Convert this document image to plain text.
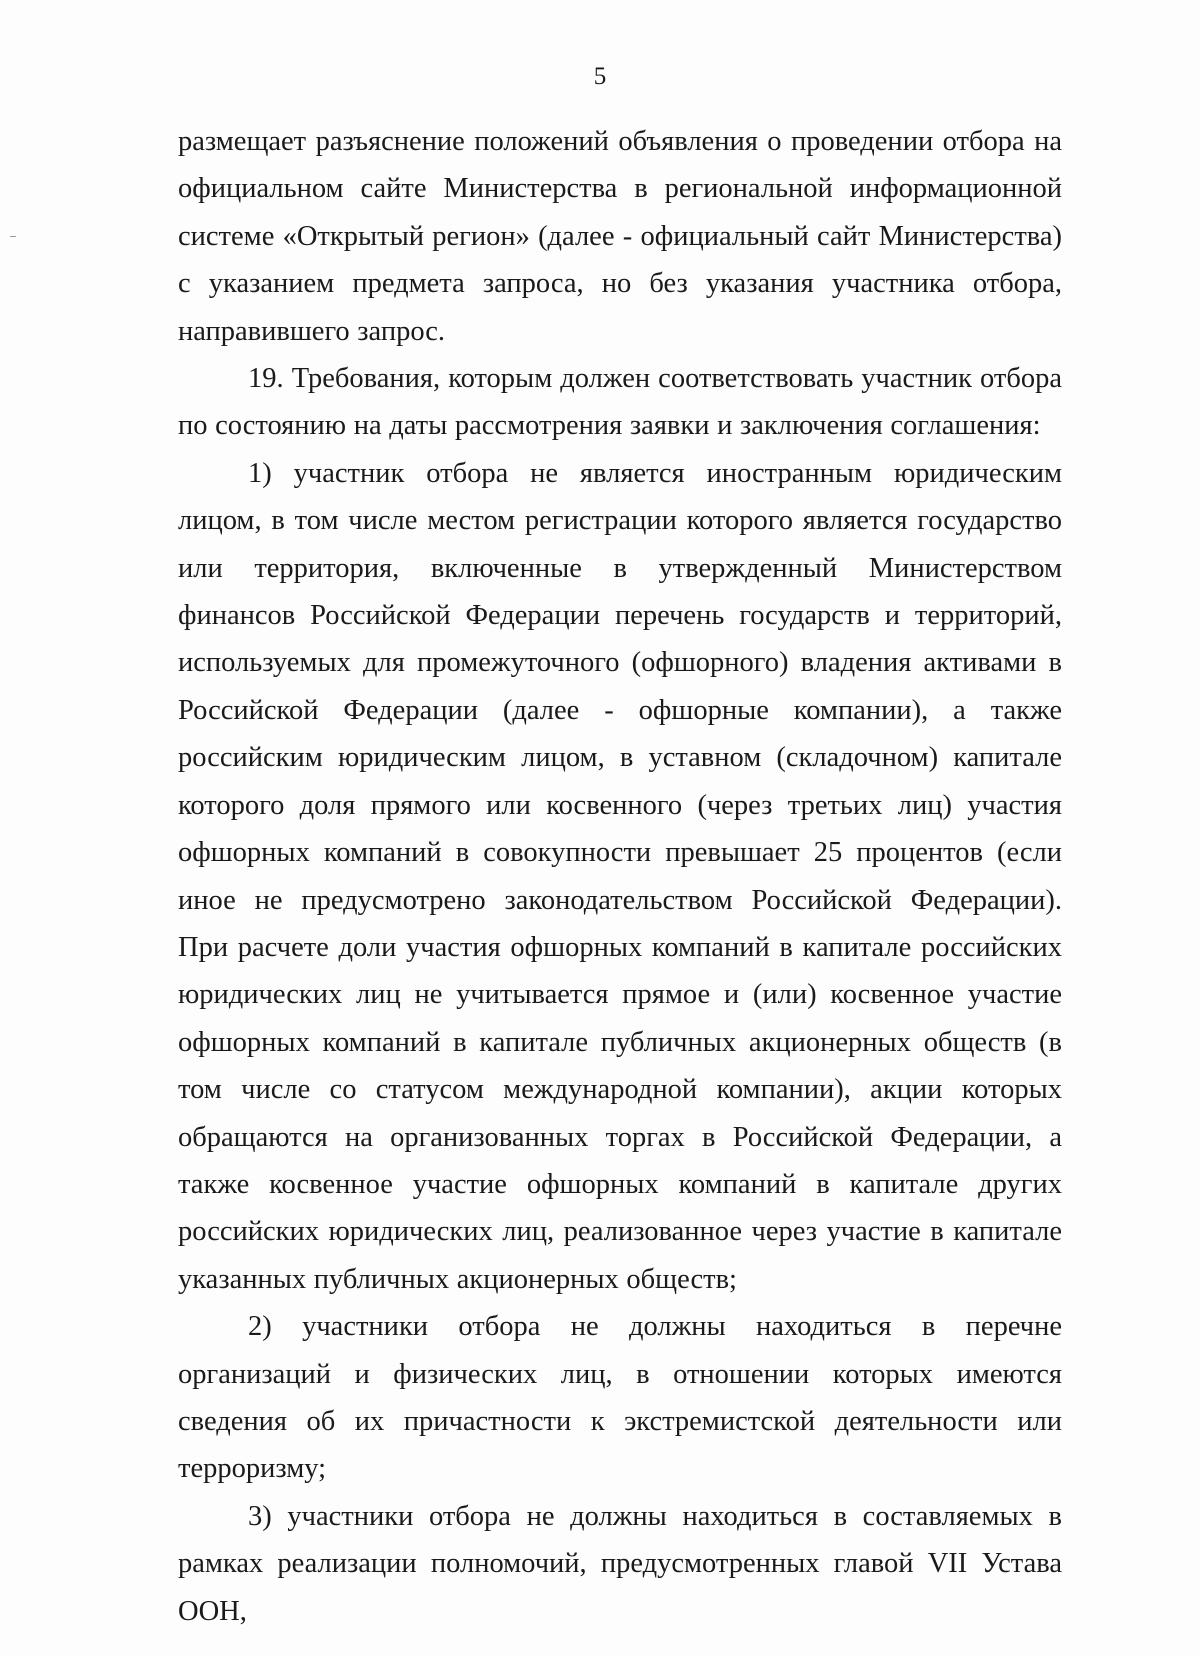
5

размещает разъяснение положений объявления о проведении отбора на официальном сайте Министерства в региональной информационной системе «Открытый регион» (далее - официальный сайт Министерства) с указанием предмета запроса, но без указания участника отбора, направившего запрос.

19. Требования, которым должен соответствовать участник отбора по состоянию на даты рассмотрения заявки и заключения соглашения:

1) участник отбора не является иностранным юридическим лицом, в том числе местом регистрации которого является государство или территория, включенные в утвержденный Министерством финансов Российской Федерации перечень государств и территорий, используемых для промежуточного (офшорного) владения активами в Российской Федерации (далее - офшорные компании), а также российским юридическим лицом, в уставном (складочном) капитале которого доля прямого или косвенного (через третьих лиц) участия офшорных компаний в совокупности превышает 25 процентов (если иное не предусмотрено законодательством Российской Федерации). При расчете доли участия офшорных компаний в капитале российских юридических лиц не учитывается прямое и (или) косвенное участие офшорных компаний в капитале публичных акционерных обществ (в том числе со статусом международной компании), акции которых обращаются на организованных торгах в Российской Федерации, а также косвенное участие офшорных компаний в капитале других российских юридических лиц, реализованное через участие в капитале указанных публичных акционерных обществ;

2) участники отбора не должны находиться в перечне организаций и физических лиц, в отношении которых имеются сведения об их причастности к экстремистской деятельности или терроризму;

3) участники отбора не должны находиться в составляемых в рамках реализации полномочий, предусмотренных главой VII Устава ООН,
